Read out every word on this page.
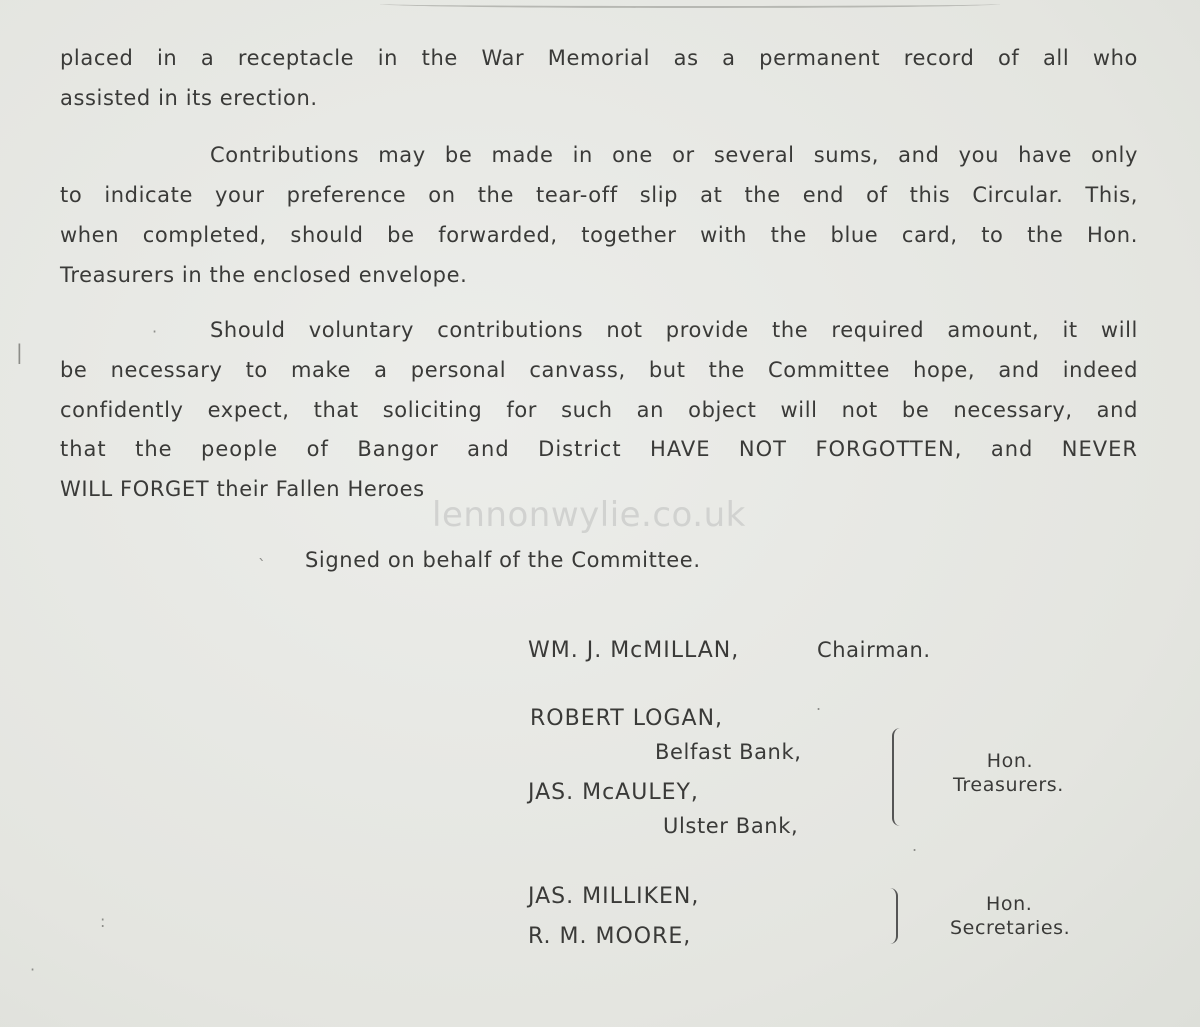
placed in a receptacle in the War Memorial as a permanent record of all who
assisted in its erection.
Contributions may be made in one or several sums, and you have only
to indicate your preference on the tear-off slip at the end of this Circular. This,
when completed, should be forwarded, together with the blue card, to the Hon.
Treasurers in the enclosed envelope.
·	Should voluntary contributions not provide the required amount, it will
be necessary to make a personal canvass, but the Committee hope, and indeed
confidently expect, that soliciting for such an object will not be necessary, and
that the people of Bangor and District HAVE NOT FORGOTTEN, and NEVER
WILL FORGET their Fallen Heroes
lennonwylie.co.uk
Signed on behalf of the Committee.
WM. J. McMILLAN,	Chairman.
ROBERT LOGAN,
Belfast Bank,
JAS. McAULEY,
Ulster Bank,
Hon.
Treasurers.
JAS. MILLIKEN,
R. M. MOORE,
Hon.
Secretaries.
|
`
.
.
:
·
